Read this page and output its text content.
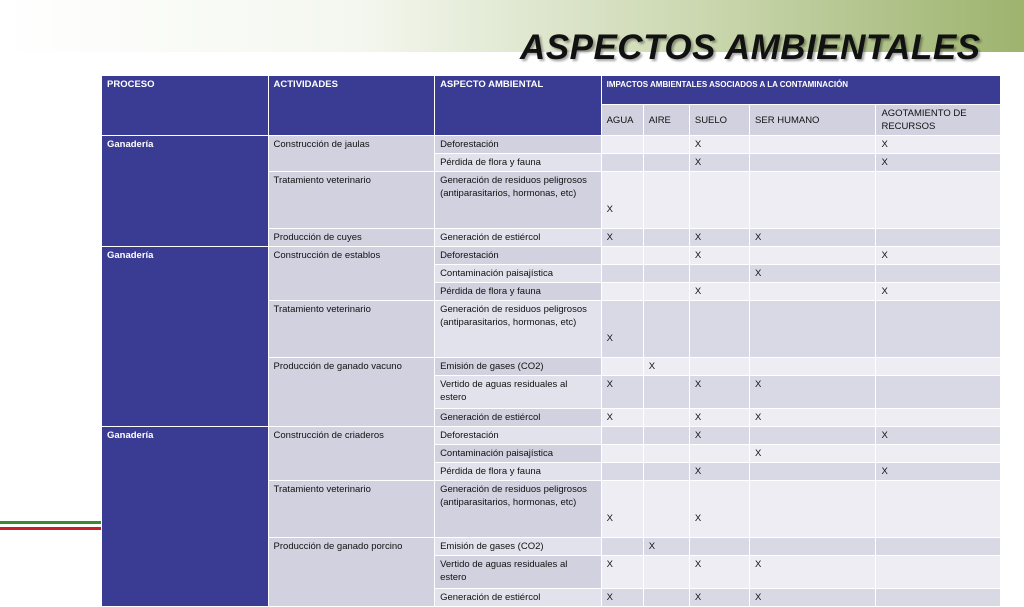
ASPECTOS AMBIENTALES
PROCESO	ACTIVIDADES	ASPECTO AMBIENTAL	IMPACTOS AMBIENTALES ASOCIADOS A LA CONTAMINACIÓN				
			AGUA	AIRE	SUELO	SER HUMANO	AGOTAMIENTO DE RECURSOS
Ganadería	Construcción de jaulas	Deforestación			X		X
		Pérdida de flora y fauna			X		X
	Tratamiento veterinario	Generación de residuos peligrosos (antiparasitarios, hormonas, etc)	X				
	Producción de cuyes	Generación de estiércol	X		X	X	
Ganadería	Construcción de establos	Deforestación			X		X
		Contaminación paisajística				X	
		Pérdida de flora y fauna			X		X
	Tratamiento veterinario	Generación de residuos peligrosos (antiparasitarios, hormonas, etc)	X				
	Producción de ganado vacuno	Emisión de gases (CO2)		X			
		Vertido de aguas residuales al estero	X		X	X	
		Generación de estiércol	X		X	X	
Ganadería	Construcción de criaderos	Deforestación			X		X
		Contaminación paisajística				X	
		Pérdida de flora y fauna			X		X
	Tratamiento veterinario	Generación de residuos peligrosos (antiparasitarios, hormonas, etc)	X		X		
	Producción de ganado porcino	Emisión de gases (CO2)		X			
		Vertido de aguas residuales al estero	X		X	X	
		Generación de estiércol	X		X	X	
